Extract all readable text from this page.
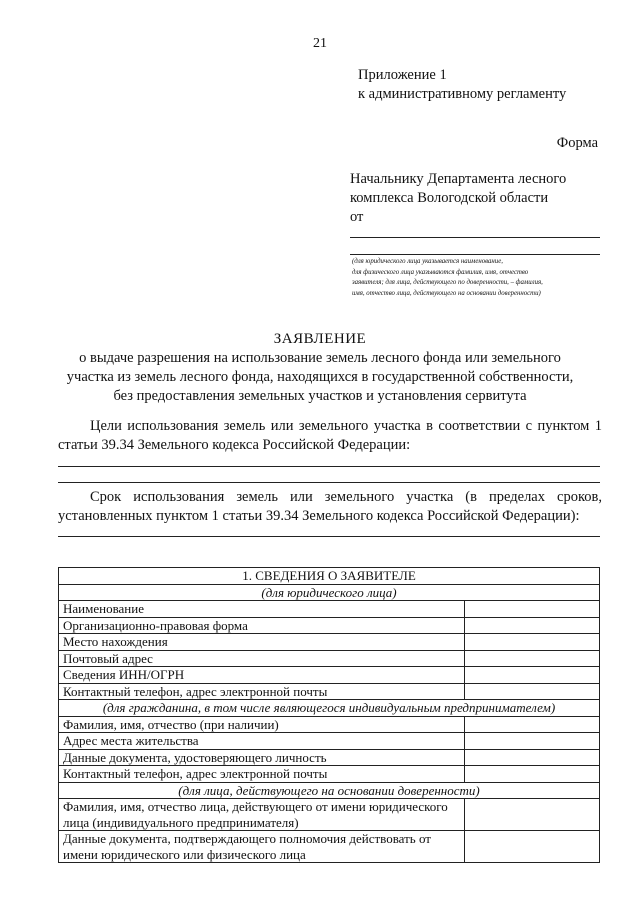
21
Приложение 1
к административному регламенту
Форма
Начальнику Департамента лесного
комплекса Вологодской области
от
(для юридического лица указывается наименование,
для физического лица указываются фамилия, имя, отчество
заявителя; для лица, действующего по доверенности, – фамилия,
имя, отчество лица, действующего на основании доверенности)
ЗАЯВЛЕНИЕ
о выдаче разрешения на использование земель лесного фонда или земельного
участка из земель лесного фонда, находящихся в государственной собственности,
без предоставления земельных участков и установления сервитута
Цели использования земель или земельного участка в соответствии с пунктом 1 статьи 39.34 Земельного кодекса Российской Федерации:
Срок использования земель или земельного участка (в пределах сроков,
установленных пунктом 1 статьи 39.34 Земельного кодекса Российской Федерации):
1. СВЕДЕНИЯ О ЗАЯВИТЕЛЕ	
(для юридического лица)	
Наименование	
Организационно-правовая форма	
Место нахождения	
Почтовый адрес	
Сведения ИНН/ОГРН	
Контактный телефон, адрес электронной почты	
(для гражданина, в том числе являющегося индивидуальным предпринимателем)	
Фамилия, имя, отчество (при наличии)	
Адрес места жительства	
Данные документа, удостоверяющего личность	
Контактный телефон, адрес электронной почты	
(для лица, действующего на основании доверенности)	
Фамилия, имя, отчество лица, действующего от имени юридического лица (индивидуального предпринимателя)	
Данные документа, подтверждающего полномочия действовать от имени юридического или физического лица	
